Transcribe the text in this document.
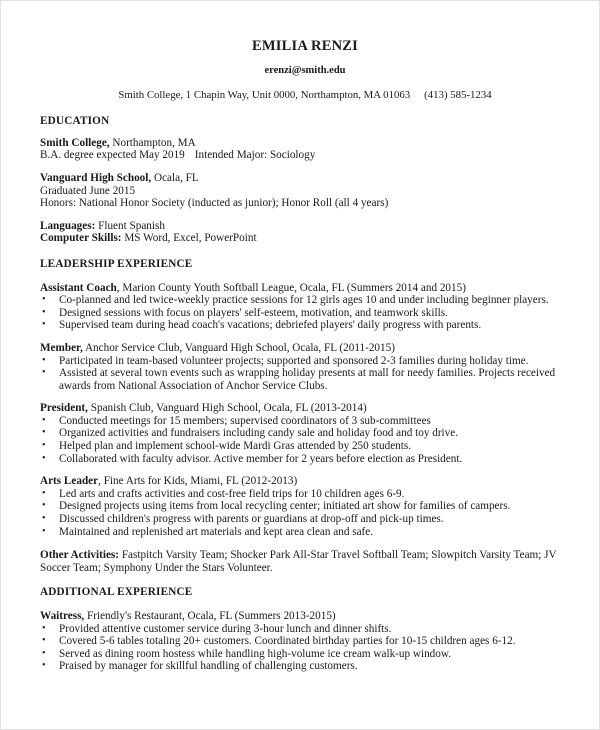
EMILIA RENZI
erenzi@smith.edu
Smith College, 1 Chapin Way, Unit 0000, Northampton, MA 01063 (413) 585-1234
EDUCATION
Smith College, Northampton, MA
B.A. degree expected May 2019 Intended Major: Sociology
Vanguard High School, Ocala, FL
Graduated June 2015
Honors: National Honor Society (inducted as junior); Honor Roll (all 4 years)
Languages: Fluent Spanish
Computer Skills: MS Word, Excel, PowerPoint
LEADERSHIP EXPERIENCE
Assistant Coach, Marion County Youth Softball League, Ocala, FL (Summers 2014 and 2015)
• Co-planned and led twice-weekly practice sessions for 12 girls ages 10 and under including beginner players.
• Designed sessions with focus on players' self-esteem, motivation, and teamwork skills.
• Supervised team during head coach's vacations; debriefed players' daily progress with parents.
Member, Anchor Service Club, Vanguard High School, Ocala, FL (2011-2015)
• Participated in team-based volunteer projects; supported and sponsored 2-3 families during holiday time.
• Assisted at several town events such as wrapping holiday presents at mall for needy families. Projects received awards from National Association of Anchor Service Clubs.
President, Spanish Club, Vanguard High School, Ocala, FL (2013-2014)
• Conducted meetings for 15 members; supervised coordinators of 3 sub-committees
• Organized activities and fundraisers including candy sale and holiday food and toy drive.
• Helped plan and implement school-wide Mardi Gras attended by 250 students.
• Collaborated with faculty advisor. Active member for 2 years before election as President.
Arts Leader, Fine Arts for Kids, Miami, FL (2012-2013)
• Led arts and crafts activities and cost-free field trips for 10 children ages 6-9.
• Designed projects using items from local recycling center; initiated art show for families of campers.
• Discussed children's progress with parents or guardians at drop-off and pick-up times.
• Maintained and replenished art materials and kept area clean and safe.
Other Activities: Fastpitch Varsity Team; Shocker Park All-Star Travel Softball Team; Slowpitch Varsity Team; JV Soccer Team; Symphony Under the Stars Volunteer.
ADDITIONAL EXPERIENCE
Waitress, Friendly's Restaurant, Ocala, FL (Summers 2013-2015)
• Provided attentive customer service during 3-hour lunch and dinner shifts.
• Covered 5-6 tables totaling 20+ customers. Coordinated birthday parties for 10-15 children ages 6-12.
• Served as dining room hostess while handling high-volume ice cream walk-up window.
• Praised by manager for skillful handling of challenging customers.
